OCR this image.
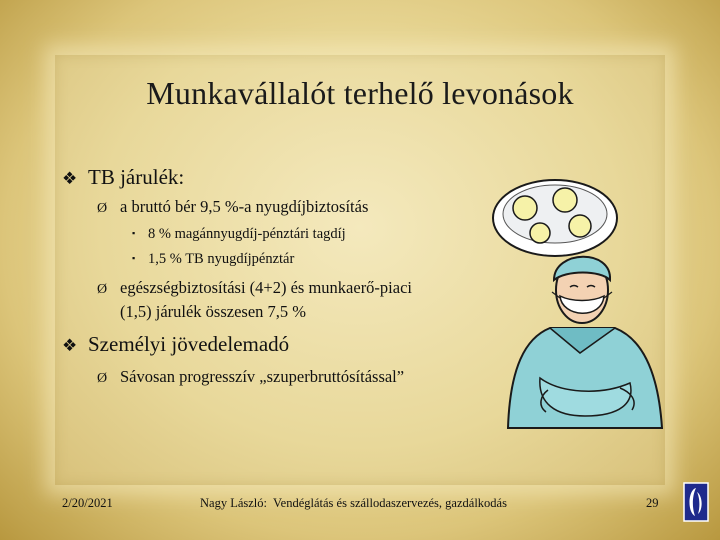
Munkavállalót terhelő levonások
❖ TB járulék:
Ø a bruttó bér 9,5 %-a nyugdíjbiztosítás
▪ 8 % magánnyugdíj-pénztári tagdíj
▪ 1,5 % TB nyugdíjpénztár
Ø egészségbiztosítási (4+2) és munkaerő-piaci
(1,5) járulék összesen 7,5 %
❖ Személyi jövedelemadó
Ø Sávosan progresszív „szuperbruttósítással”
2/20/2021	Nagy László: Vendéglátás és szállodaszervezés, gazdálkodás	29
